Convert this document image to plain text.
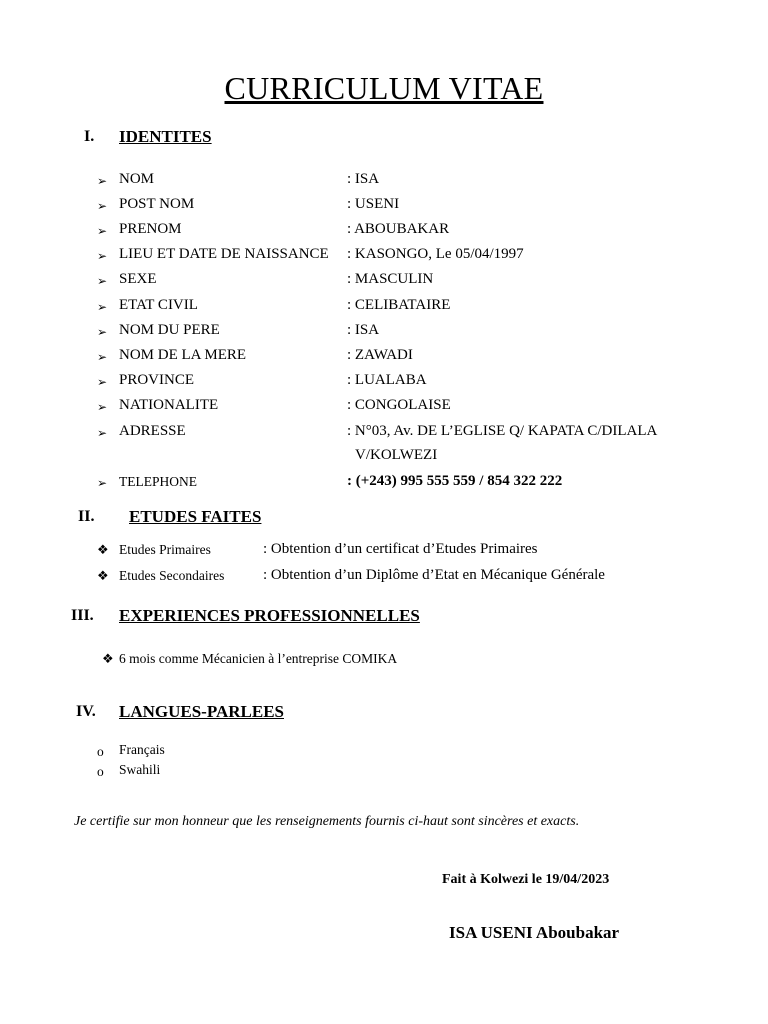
CURRICULUM VITAE
I. IDENTITES
➢ NOM	: ISA
➢ POST NOM	: USENI
➢ PRENOM	: ABOUBAKAR
➢ LIEU ET DATE DE NAISSANCE : KASONGO, Le 05/04/1997
➢ SEXE	: MASCULIN
➢ ETAT CIVIL	: CELIBATAIRE
➢ NOM DU PERE	: ISA
➢ NOM DE LA MERE	: ZAWADI
➢ PROVINCE	: LUALABA
➢ NATIONALITE	: CONGOLAISE
➢ ADRESSE	: N°03, Av. DE L’EGLISE Q/ KAPATA C/DILALA
V/KOLWEZI
➢ TELEPHONE	: (+243) 995 555 559 / 854 322 222
II. ETUDES FAITES
❖ Etudes Primaires	: Obtention d’un certificat d’Etudes Primaires
❖ Etudes Secondaires	: Obtention d’un Diplôme d’Etat en Mécanique Générale
III. EXPERIENCES PROFESSIONNELLES
❖ 6 mois comme Mécanicien à l’entreprise COMIKA
IV. LANGUES-PARLEES
o Français
o Swahili
Je certifie sur mon honneur que les renseignements fournis ci-haut sont sincères et exacts.
Fait à Kolwezi le 19/04/2023
ISA USENI Aboubakar
